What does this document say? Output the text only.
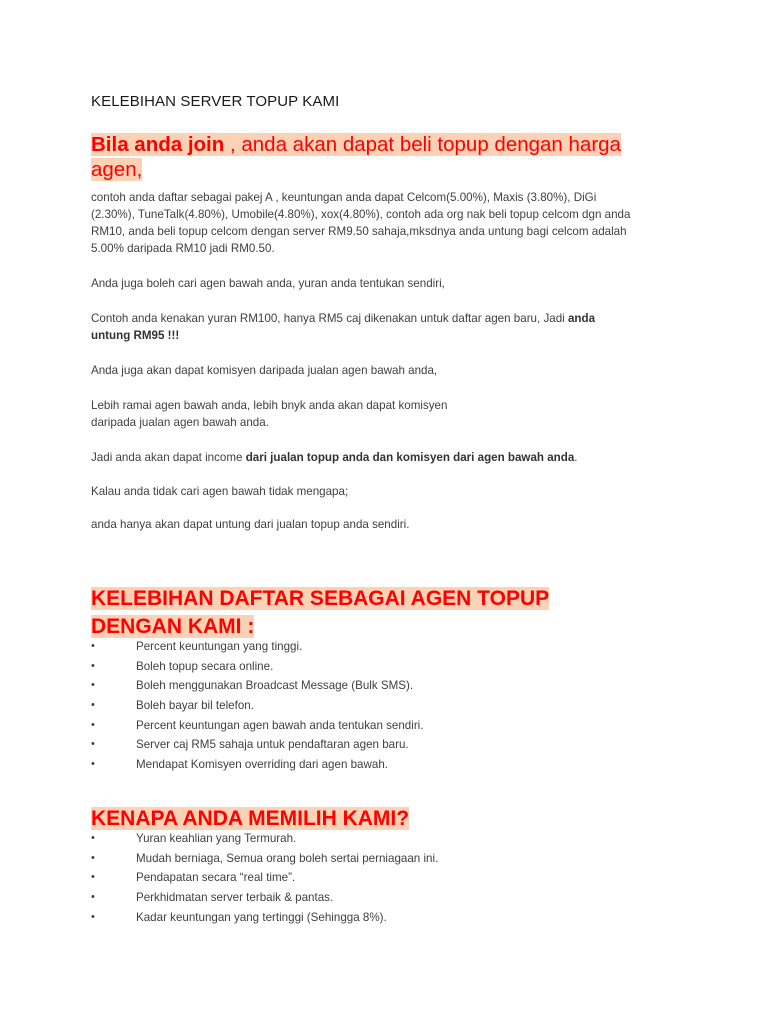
KELEBIHAN SERVER TOPUP KAMI
Bila anda join , anda akan dapat beli topup dengan harga
agen,
contoh anda daftar sebagai pakej A , keuntungan anda dapat Celcom(5.00%), Maxis (3.80%), DiGi
(2.30%), TuneTalk(4.80%), Umobile(4.80%), xox(4.80%), contoh ada org nak beli topup celcom dgn anda
RM10, anda beli topup celcom dengan server RM9.50 sahaja,mksdnya anda untung bagi celcom adalah
5.00% daripada RM10 jadi RM0.50.
Anda juga boleh cari agen bawah anda, yuran anda tentukan sendiri,
Contoh anda kenakan yuran RM100, hanya RM5 caj dikenakan untuk daftar agen baru, Jadi anda
untung RM95 !!!
Anda juga akan dapat komisyen daripada jualan agen bawah anda,
Lebih ramai agen bawah anda, lebih bnyk anda akan dapat komisyen
daripada jualan agen bawah anda.
Jadi anda akan dapat income dari jualan topup anda dan komisyen dari agen bawah anda.
Kalau anda tidak cari agen bawah tidak mengapa;
anda hanya akan dapat untung dari jualan topup anda sendiri.
KELEBIHAN DAFTAR SEBAGAI AGEN TOPUP
DENGAN KAMI :
•	Percent keuntungan yang tinggi.
•	Boleh topup secara online.
•	Boleh menggunakan Broadcast Message (Bulk SMS).
•	Boleh bayar bil telefon.
•	Percent keuntungan agen bawah anda tentukan sendiri.
•	Server caj RM5 sahaja untuk pendaftaran agen baru.
•	Mendapat Komisyen overriding dari agen bawah.
KENAPA ANDA MEMILIH KAMI?
•	Yuran keahlian yang Termurah.
•	Mudah berniaga, Semua orang boleh sertai perniagaan ini.
•	Pendapatan secara “real time”.
•	Perkhidmatan server terbaik & pantas.
•	Kadar keuntungan yang tertinggi (Sehingga 8%).
